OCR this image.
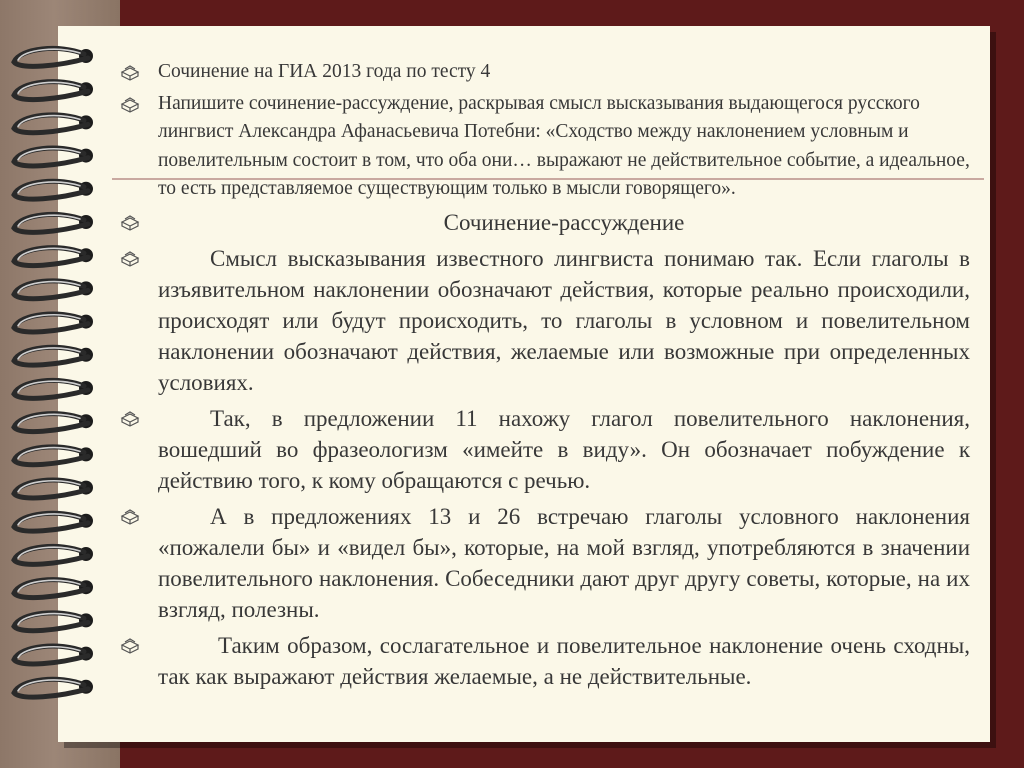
Сочинение на ГИА 2013 года по тесту 4
Напишите сочинение-рассуждение, раскрывая смысл высказывания выдающегося русского лингвист Александра Афанасьевича Потебни: «Сходство между наклонением условным и повелительным состоит в том, что оба они… выражают не действительное событие, а идеальное, то есть представляемое существующим только в мысли говорящего».
Сочинение-рассуждение
Смысл высказывания известного лингвиста понимаю так. Если глаголы в изъявительном наклонении обозначают действия, которые реально происходили, происходят или будут происходить, то глаголы в условном и повелительном наклонении обозначают действия, желаемые или возможные при определенных условиях.
Так, в предложении 11 нахожу глагол повелительного наклонения, вошедший во фразеологизм «имейте в виду». Он обозначает побуждение к действию того, к кому обращаются с речью.
А в предложениях 13 и 26 встречаю глаголы условного наклонения «пожалели бы» и «видел бы», которые, на мой взгляд, употребляются в значении повелительного наклонения. Собеседники дают друг другу советы, которые, на их взгляд, полезны.
Таким образом, сослагательное и повелительное наклонение очень сходны, так как выражают действия желаемые, а не действительные.
